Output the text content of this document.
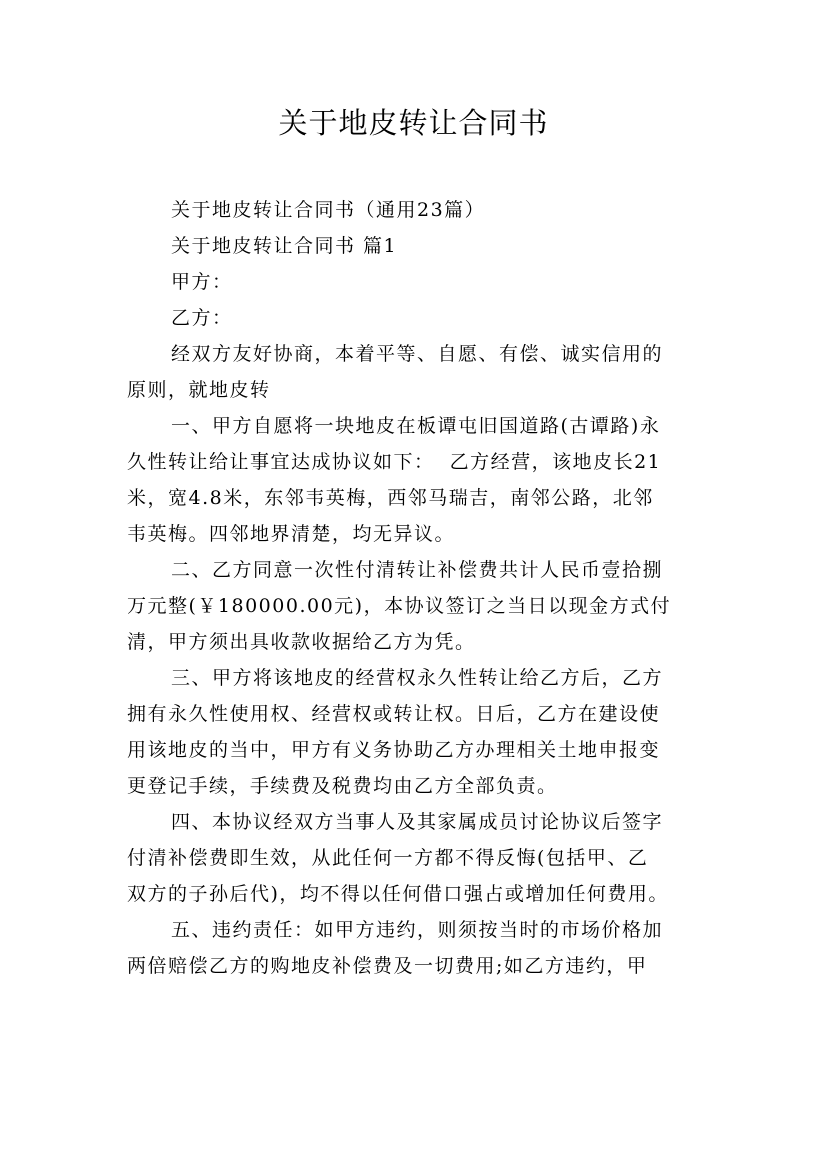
关于地皮转让合同书
关于地皮转让合同书（通用23篇）
关于地皮转让合同书 篇1
甲方：
乙方：
经双方友好协商，本着平等、自愿、有偿、诚实信用的
原则，就地皮转
一、甲方自愿将一块地皮在板谭屯旧国道路(古谭路)永
久性转让给让事宜达成协议如下：  乙方经营，该地皮长21
米，宽4.8米，东邻韦英梅，西邻马瑞吉，南邻公路，北邻
韦英梅。四邻地界清楚，均无异议。
二、乙方同意一次性付清转让补偿费共计人民币壹拾捌
万元整(￥180000.00元)，本协议签订之当日以现金方式付
清，甲方须出具收款收据给乙方为凭。
三、甲方将该地皮的经营权永久性转让给乙方后，乙方
拥有永久性使用权、经营权或转让权。日后，乙方在建设使
用该地皮的当中，甲方有义务协助乙方办理相关土地申报变
更登记手续，手续费及税费均由乙方全部负责。
四、本协议经双方当事人及其家属成员讨论协议后签字
付清补偿费即生效，从此任何一方都不得反悔(包括甲、乙
双方的子孙后代)，均不得以任何借口强占或增加任何费用。
五、违约责任：如甲方违约，则须按当时的市场价格加
两倍赔偿乙方的购地皮补偿费及一切费用;如乙方违约，甲
